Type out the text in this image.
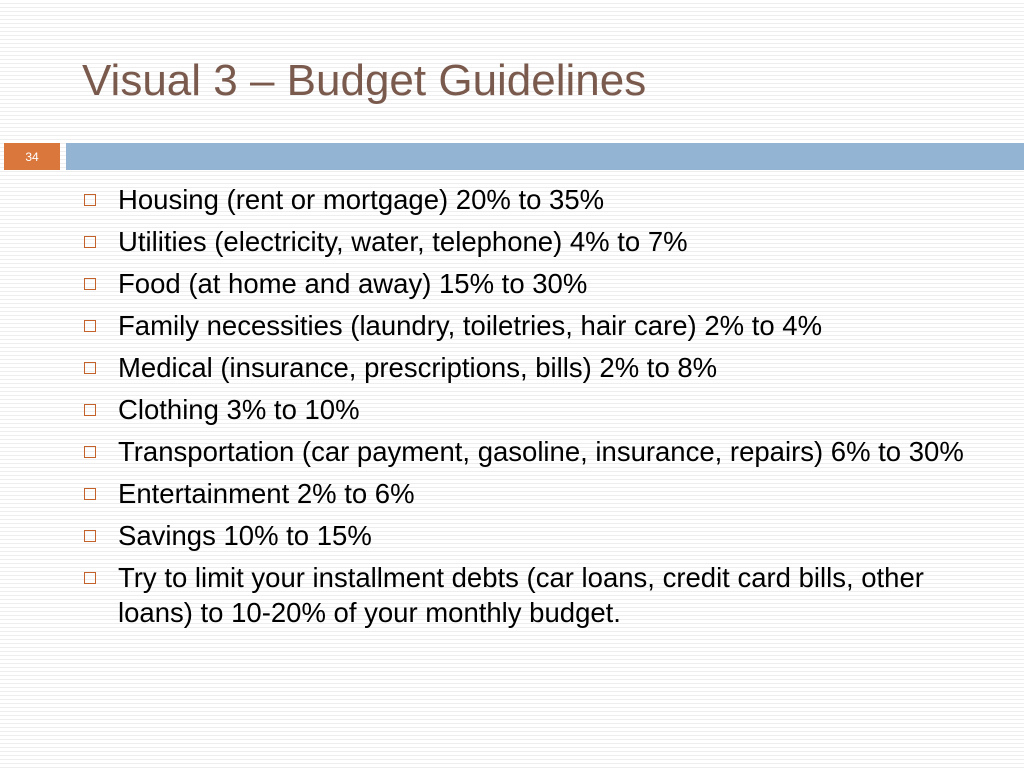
Visual 3 – Budget Guidelines
34
Housing (rent or mortgage) 20% to 35%
Utilities (electricity, water, telephone) 4% to 7%
Food (at home and away) 15% to 30%
Family necessities (laundry, toiletries, hair care) 2% to 4%
Medical (insurance, prescriptions, bills) 2% to 8%
Clothing 3% to 10%
Transportation (car payment, gasoline, insurance, repairs) 6% to 30%
Entertainment 2% to 6%
Savings 10% to 15%
Try to limit your installment debts (car loans, credit card bills, other loans) to 10-20% of your monthly budget.
